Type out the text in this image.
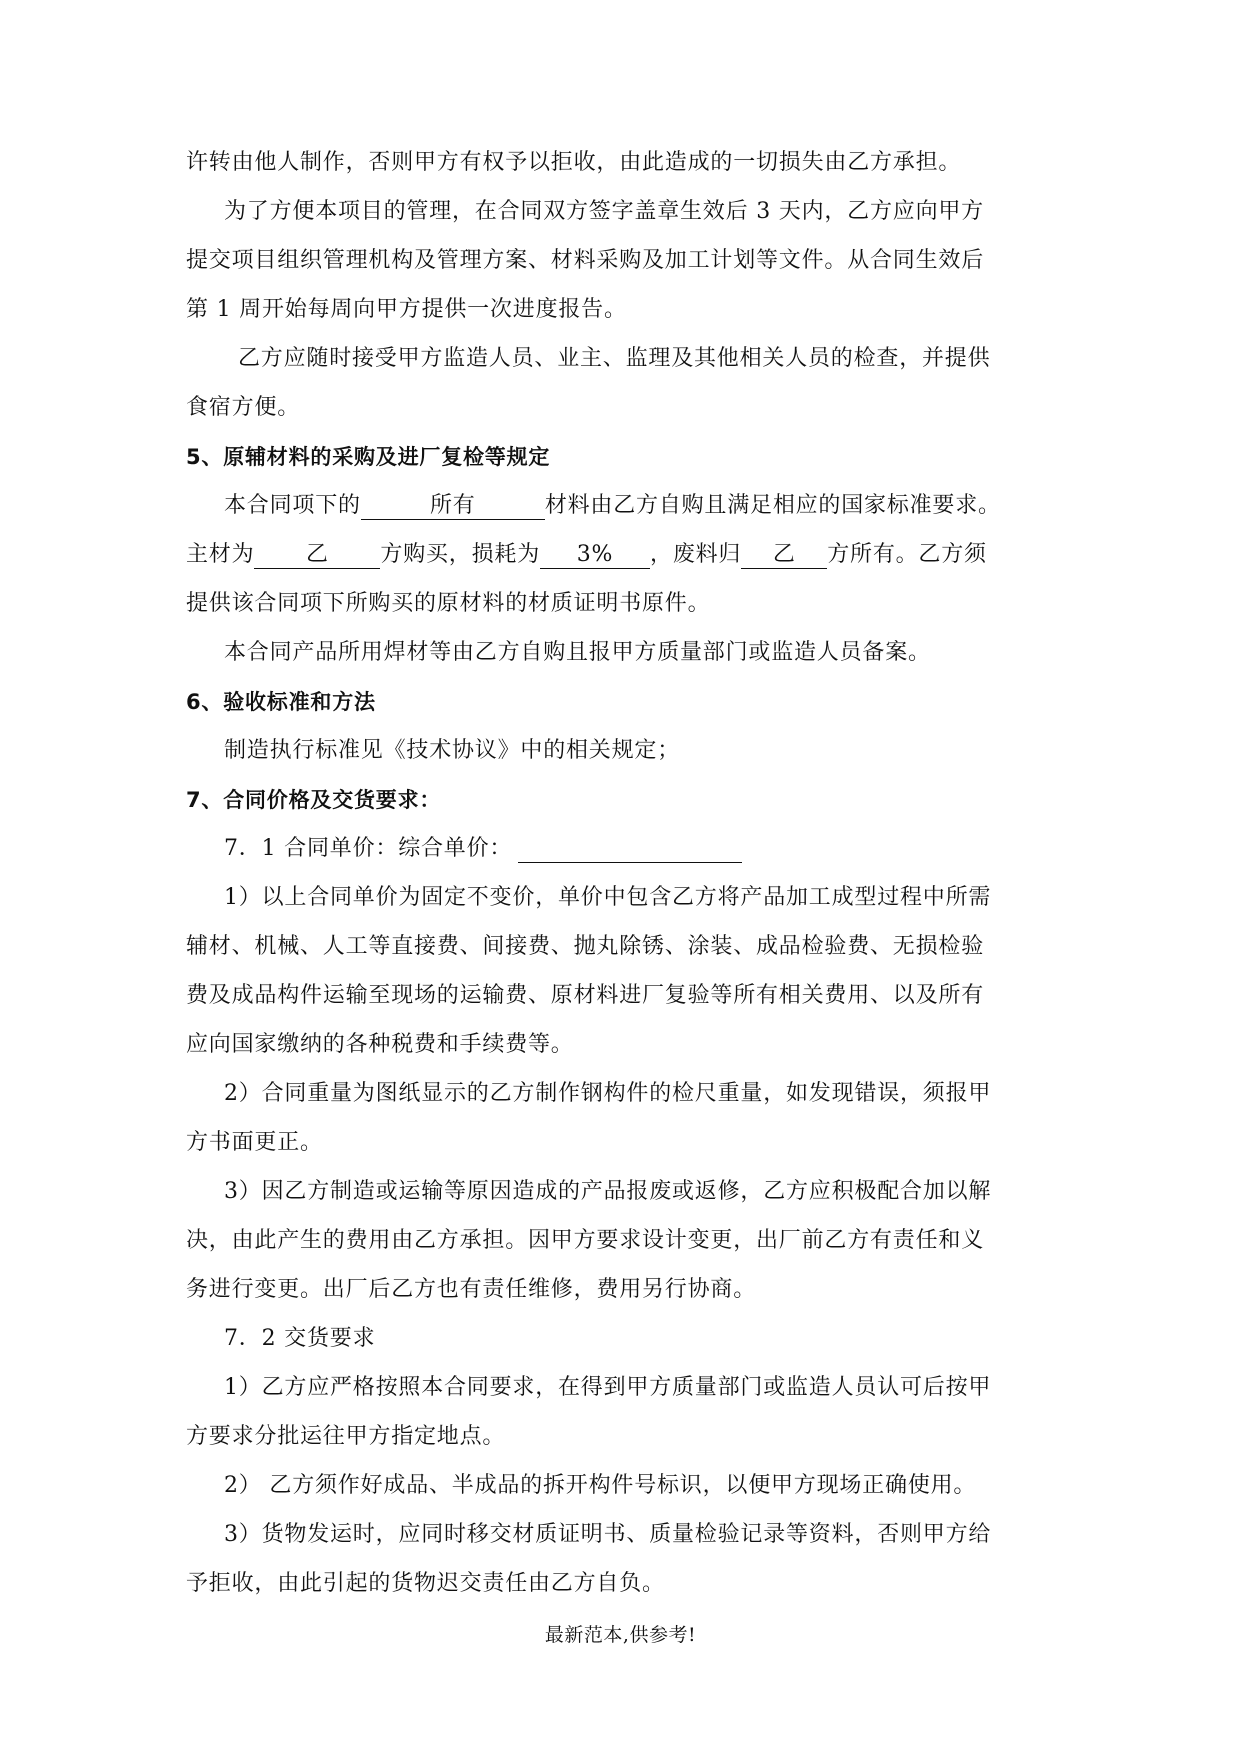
许转由他人制作，否则甲方有权予以拒收，由此造成的一切损失由乙方承担。
为了方便本项目的管理，在合同双方签字盖章生效后 3 天内，乙方应向甲方
提交项目组织管理机构及管理方案、材料采购及加工计划等文件。从合同生效后
第 1 周开始每周向甲方提供一次进度报告。
乙方应随时接受甲方监造人员、业主、监理及其他相关人员的检查，并提供
食宿方便。
5、原辅材料的采购及进厂复检等规定
本合同项下的	所有	材料由乙方自购且满足相应的国家标准要求。
主材为 乙 方购买，损耗为 3% ，废料归 乙 方所有。乙方须
提供该合同项下所购买的原材料的材质证明书原件。
本合同产品所用焊材等由乙方自购且报甲方质量部门或监造人员备案。
6、验收标准和方法
制造执行标准见《技术协议》中的相关规定；
7、合同价格及交货要求：
7．1 合同单价：综合单价：
1）以上合同单价为固定不变价，单价中包含乙方将产品加工成型过程中所需
辅材、机械、人工等直接费、间接费、抛丸除锈、涂装、成品检验费、无损检验
费及成品构件运输至现场的运输费、原材料进厂复验等所有相关费用、以及所有
应向国家缴纳的各种税费和手续费等。
2）合同重量为图纸显示的乙方制作钢构件的检尺重量，如发现错误，须报甲
方书面更正。
3）因乙方制造或运输等原因造成的产品报废或返修，乙方应积极配合加以解
决，由此产生的费用由乙方承担。因甲方要求设计变更，出厂前乙方有责任和义
务进行变更。出厂后乙方也有责任维修，费用另行协商。
7．2 交货要求
1）乙方应严格按照本合同要求，在得到甲方质量部门或监造人员认可后按甲
方要求分批运往甲方指定地点。
2） 乙方须作好成品、半成品的拆开构件号标识，以便甲方现场正确使用。
3）货物发运时，应同时移交材质证明书、质量检验记录等资料，否则甲方给
予拒收，由此引起的货物迟交责任由乙方自负。
最新范本,供参考!
